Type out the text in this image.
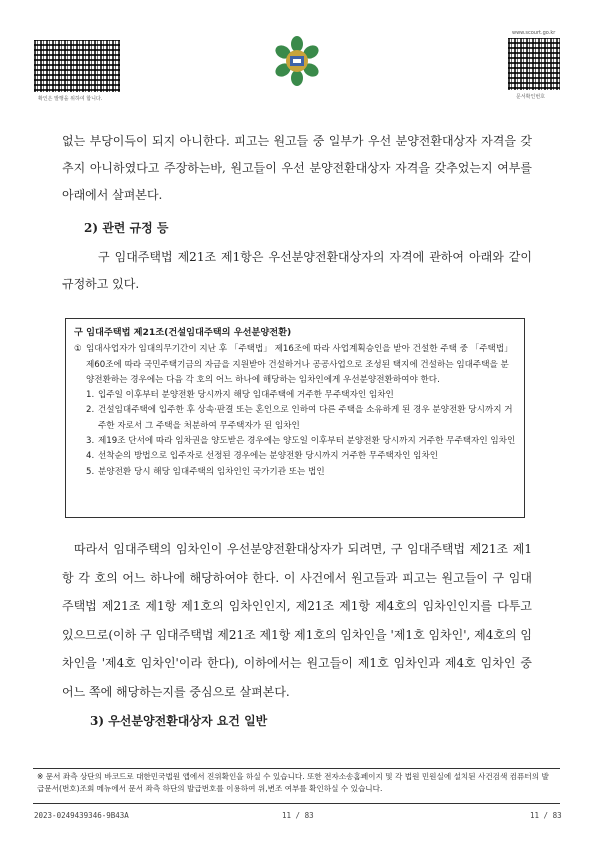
확인은 발행을 위하여 합니다.
www.scourt.go.kr
문서확인번호

없는 부당이득이 되지 아니한다. 피고는 원고들 중 일부가 우선 분양전환대상자 자격을 갖추지 아니하였다고 주장하는바, 원고들이 우선 분양전환대상자 자격을 갖추었는지 여부를 아래에서 살펴본다.

2) 관련 규정 등

구 임대주택법 제21조 제1항은 우선분양전환대상자의 자격에 관하여 아래와 같이 규정하고 있다.

구 임대주택법 제21조(건설임대주택의 우선분양전환)
① 임대사업자가 임대의무기간이 지난 후 「주택법」 제16조에 따라 사업계획승인을 받아 건설한 주택 중 「주택법」 제60조에 따라 국민주택기금의 자금을 지원받아 건설하거나 공공사업으로 조성된 택지에 건설하는 임대주택을 분양전환하는 경우에는 다음 각 호의 어느 하나에 해당하는 임차인에게 우선분양전환하여야 한다.
1. 입주일 이후부터 분양전환 당시까지 해당 임대주택에 거주한 무주택자인 임차인
2. 건설임대주택에 입주한 후 상속·판결 또는 혼인으로 인하여 다른 주택을 소유하게 된 경우 분양전환 당시까지 거주한 자로서 그 주택을 처분하여 무주택자가 된 임차인
3. 제19조 단서에 따라 임차권을 양도받은 경우에는 양도일 이후부터 분양전환 당시까지 거주한 무주택자인 임차인
4. 선착순의 방법으로 입주자로 선정된 경우에는 분양전환 당시까지 거주한 무주택자인 임차인
5. 분양전환 당시 해당 임대주택의 임차인인 국가기관 또는 법인

따라서 임대주택의 임차인이 우선분양전환대상자가 되려면, 구 임대주택법 제21조 제1항 각 호의 어느 하나에 해당하여야 한다. 이 사건에서 원고들과 피고는 원고들이 구 임대주택법 제21조 제1항 제1호의 임차인인지, 제21조 제1항 제4호의 임차인인지를 다투고 있으므로(이하 구 임대주택법 제21조 제1항 제1호의 임차인을 '제1호 임차인', 제4호의 임차인을 '제4호 임차인'이라 한다), 이하에서는 원고들이 제1호 임차인과 제4호 임차인 중 어느 쪽에 해당하는지를 중심으로 살펴본다.

3) 우선분양전환대상자 요건 일반

※ 문서 좌측 상단의 바코드로 대한민국법원 앱에서 진위확인을 하실 수 있습니다. 또한 전자소송홈페이지 및 각 법원 민원실에 설치된 사건검색 컴퓨터의 발급문서(번호)조회 메뉴에서 문서 좌측 하단의 발급번호를 이용하여 위,변조 여부를 확인하실 수 있습니다.
2023-0249439346-9B43A	11 / 83	11 / 83
